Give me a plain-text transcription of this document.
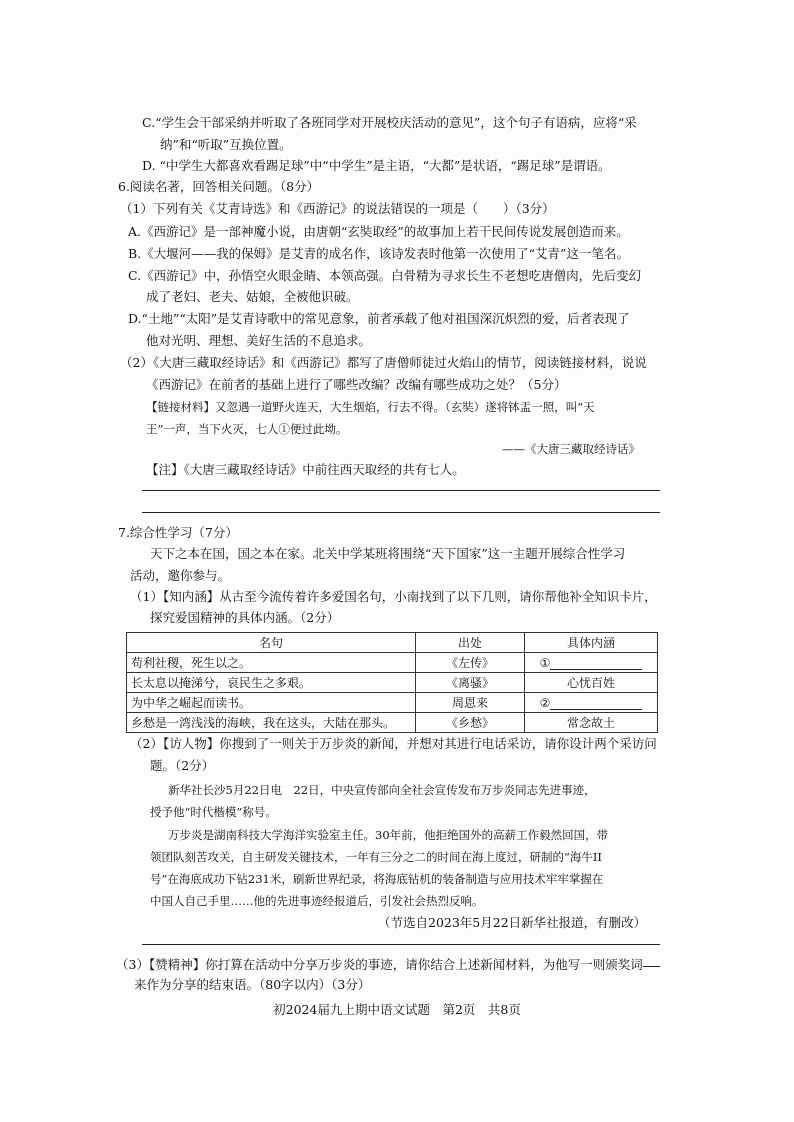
C.“学生会干部采纳并听取了各班同学对开展校庆活动的意见”，这个句子有语病，应将“采
纳”和“听取”互换位置。
D. “中学生大都喜欢看踢足球”中“中学生”是主语，“大都”是状语，“踢足球”是谓语。
6.阅读名著，回答相关问题。（8分）
（1）下列有关《艾青诗选》和《西游记》的说法错误的一项是（　　）（3分）
A.《西游记》是一部神魔小说，由唐朝“玄奘取经”的故事加上若干民间传说发展创造而来。
B.《大堰河——我的保姆》是艾青的成名作，该诗发表时他第一次使用了“艾青”这一笔名。
C.《西游记》中，孙悟空火眼金睛、本领高强。白骨精为寻求长生不老想吃唐僧肉，先后变幻
成了老妇、老夫、姑娘，全被他识破。
D.“土地”“太阳”是艾青诗歌中的常见意象，前者承载了他对祖国深沉炽烈的爱，后者表现了
他对光明、理想、美好生活的不息追求。
（2）《大唐三藏取经诗话》和《西游记》都写了唐僧师徒过火焰山的情节，阅读链接材料，说说
《西游记》在前者的基础上进行了哪些改编？改编有哪些成功之处？（5分）
【链接材料】又忽遇一道野火连天，大生烟焰，行去不得。（玄奘）遂将钵盂一照，叫“天
王”一声，当下火灭，七人①便过此坳。
——《大唐三藏取经诗话》
【注】《大唐三藏取经诗话》中前往西天取经的共有七人。
7.综合性学习（7分）
天下之本在国，国之本在家。北关中学某班将围绕“天下国家”这一主题开展综合性学习
活动，邀你参与。
（1）【知内涵】从古至今流传着许多爱国名句，小南找到了以下几则，请你帮他补全知识卡片，
探究爱国精神的具体内涵。（2分）
名句	出处	具体内涵
苟利社稷，死生以之。	《左传》	①
长太息以掩涕兮，哀民生之多艰。	《离骚》	心忧百姓
为中华之崛起而读书。	周恩来	②
乡愁是一湾浅浅的海峡，我在这头，大陆在那头。	《乡愁》	常念故土
（2）【访人物】你搜到了一则关于万步炎的新闻，并想对其进行电话采访，请你设计两个采访问
题。（2分）
新华社长沙5月22日电　22日，中央宣传部向全社会宣传发布万步炎同志先进事迹，
授予他“时代楷模”称号。
万步炎是湖南科技大学海洋实验室主任。30年前，他拒绝国外的高薪工作毅然回国，带
领团队刻苦攻关，自主研发关键技术，一年有三分之二的时间在海上度过，研制的“海牛II
号”在海底成功下钻231米，刷新世界纪录，将海底钻机的装备制造与应用技术牢牢掌握在
中国人自己手里……他的先进事迹经报道后，引发社会热烈反响。
（节选自2023年5月22日新华社报道，有删改）
（3）【赞精神】你打算在活动中分享万步炎的事迹，请你结合上述新闻材料，为他写一则颁奖词
来作为分享的结束语。（80字以内）（3分）
初2024届九上期中语文试题　第2页　共8页
